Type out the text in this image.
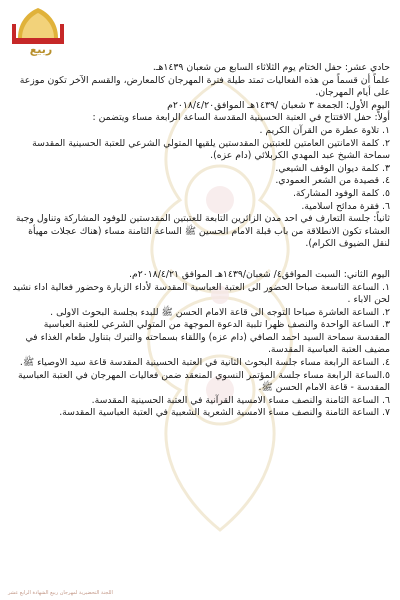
ربيع

حادي عشر: حفل الختام يوم الثلاثاء السابع من شعبان ١٤٣٩هـ.

علماً أن قسماً من هذه الفعاليات تمتد طيلة فترة المهرجان كالمعارض، والقسم الآخر تكون موزعة على أيام المهرجان.

اليوم الأول: الجمعة ٣ شعبان /١٤٣٩هـ الموافق٢٠١٨/٤/٢٠م

أولاً: حفل الافتتاح في العتبة الحسينية المقدسة الساعة الرابعة مساء ويتضمن :

١. تلاوة عطرة من القرآن الكريم .
٢. كلمة الامانتين العامتين للعتبتين المقدستين يلقيها المتولي الشرعي للعتبة الحسينية المقدسة سماحة الشيخ عبد المهدي الكربلائي (دام عزه).
٣. كلمة ديوان الوقف الشيعي.
٤. قصيدة من الشعر العمودي.
٥. كلمة الوفود المشاركة.
٦. فقرة مدائح اسلامية.

ثانياً: جلسة التعارف في احد مدن الزائرين التابعة للعتبتين المقدستين للوفود المشاركة وتناول وجبة العشاء تكون الانطلاقة من باب قبلة الامام الحسين ﷺ الساعة الثامنة مساء (هناك عجلات مهيأة لنقل الضيوف الكرام).

اليوم الثاني: السبت الموافق٤/ شعبان/١٤٣٩هـ الموافق ٢٠١٨/٤/٢١م.

١. الساعة التاسعة صباحا الحضور الى العتبة العباسية المقدسة لأداء الزيارة وحضور فعالية اداء نشيد لحن الاباء .
٢. الساعة العاشرة صباحا التوجه الى قاعة الامام الحسن ﷺ للبدء بجلسة البحوث الاولى .
٣. الساعة الواحدة والنصف ظهرا تلبية الدعوة الموجهة من المتولي الشرعي للعتبة العباسية المقدسة سماحة السيد احمد الصافي (دام عزه) واللقاء بسماحته والتبرك بتناول طعام الغذاء في مضيف العتبة العباسية المقدسة.
٤. الساعة الرابعة مساء جلسة البحوث الثانية في العتبة الحسينية المقدسة قاعة سيد الاوصياء ﷺ.
٥.الساعة الرابعة مساء جلسة المؤتمر النسوي المنعقد ضمن فعاليات المهرجان في العتبة العباسية المقدسة - قاعة الامام الحسن ﷺ.
٦. الساعة الثامنة والنصف مساء الامسية القرآنية في العتبة الحسينية المقدسة.
٧. الساعة الثامنة والنصف مساء الامسية الشعرية الشعبية في العتبة العباسية المقدسة.
اللجنة التحضيرية لمهرجان ربيع الشهادة الرابع عشر
